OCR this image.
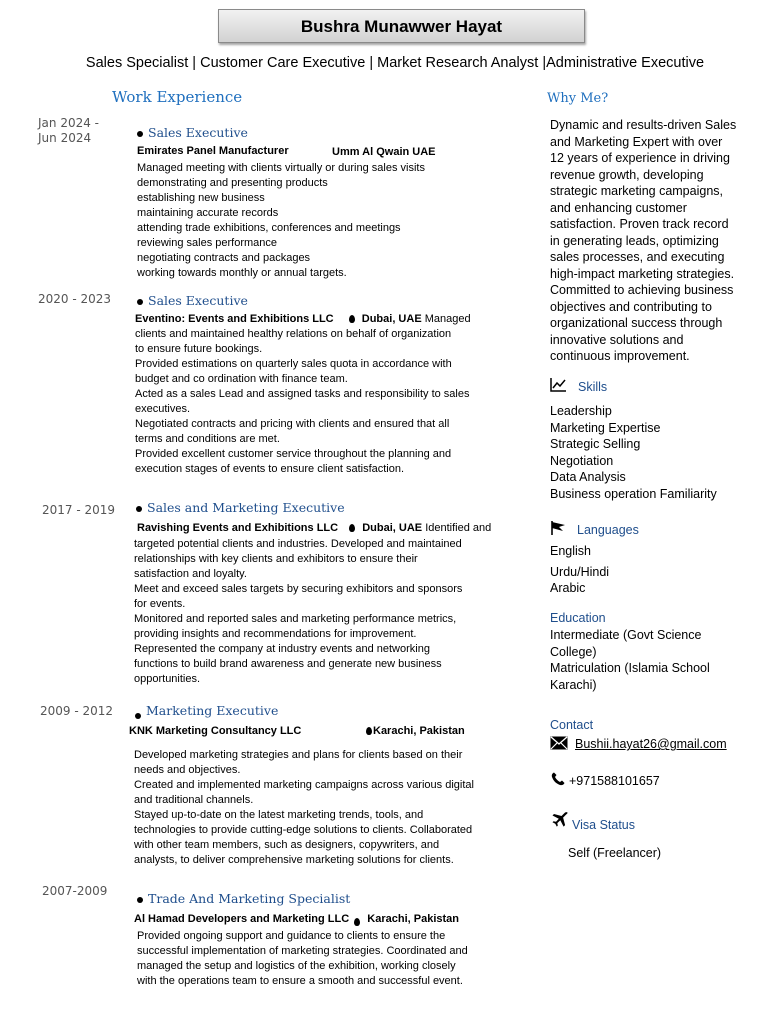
Bushra Munawwer Hayat
Sales Specialist | Customer Care Executive | Market Research Analyst |Administrative Executive
Work Experience	Why Me?
Jan 2024 -
Jun 2024	Sales Executive
Emirates Panel Manufacturer	Umm Al Qwain UAE
Managed meeting with clients virtually or during sales visits
demonstrating and presenting products
establishing new business
maintaining accurate records
attending trade exhibitions, conferences and meetings
reviewing sales performance
negotiating contracts and packages
working towards monthly or annual targets.
2020 - 2023	Sales Executive
Eventino: Events and Exhibitions LLC	Dubai, UAE Managed
clients and maintained healthy relations on behalf of organization
to ensure future bookings.
Provided estimations on quarterly sales quota in accordance with
budget and co ordination with finance team.
Acted as a sales Lead and assigned tasks and responsibility to sales
executives.
Negotiated contracts and pricing with clients and ensured that all
terms and conditions are met.
Provided excellent customer service throughout the planning and
execution stages of events to ensure client satisfaction.
2017 - 2019	Sales and Marketing Executive
Ravishing Events and Exhibitions LLC Dubai, UAE Identified and
targeted potential clients and industries. Developed and maintained
relationships with key clients and exhibitors to ensure their
satisfaction and loyalty.
Meet and exceed sales targets by securing exhibitors and sponsors
for events.
Monitored and reported sales and marketing performance metrics,
providing insights and recommendations for improvement.
Represented the company at industry events and networking
functions to build brand awareness and generate new business
opportunities.
2009 - 2012	Marketing Executive
KNK Marketing Consultancy LLC	Karachi, Pakistan
Developed marketing strategies and plans for clients based on their
needs and objectives.
Created and implemented marketing campaigns across various digital
and traditional channels.
Stayed up-to-date on the latest marketing trends, tools, and
technologies to provide cutting-edge solutions to clients. Collaborated
with other team members, such as designers, copywriters, and
analysts, to deliver comprehensive marketing solutions for clients.
2007-2009	Trade And Marketing Specialist
Al Hamad Developers and Marketing LLC Karachi, Pakistan
Provided ongoing support and guidance to clients to ensure the
successful implementation of marketing strategies. Coordinated and
managed the setup and logistics of the exhibition, working closely
with the operations team to ensure a smooth and successful event.
Dynamic and results-driven Sales
and Marketing Expert with over
12 years of experience in driving
revenue growth, developing
strategic marketing campaigns,
and enhancing customer
satisfaction. Proven track record
in generating leads, optimizing
sales processes, and executing
high-impact marketing strategies.
Committed to achieving business
objectives and contributing to
organizational success through
innovative solutions and
continuous improvement.
Skills
Leadership
Marketing Expertise
Strategic Selling
Negotiation
Data Analysis
Business operation Familiarity
Languages
English
Urdu/Hindi
Arabic
Education
Intermediate (Govt Science
College)
Matriculation (Islamia School
Karachi)
Contact
Bushii.hayat26@gmail.com
+971588101657
Visa Status
Self (Freelancer)
